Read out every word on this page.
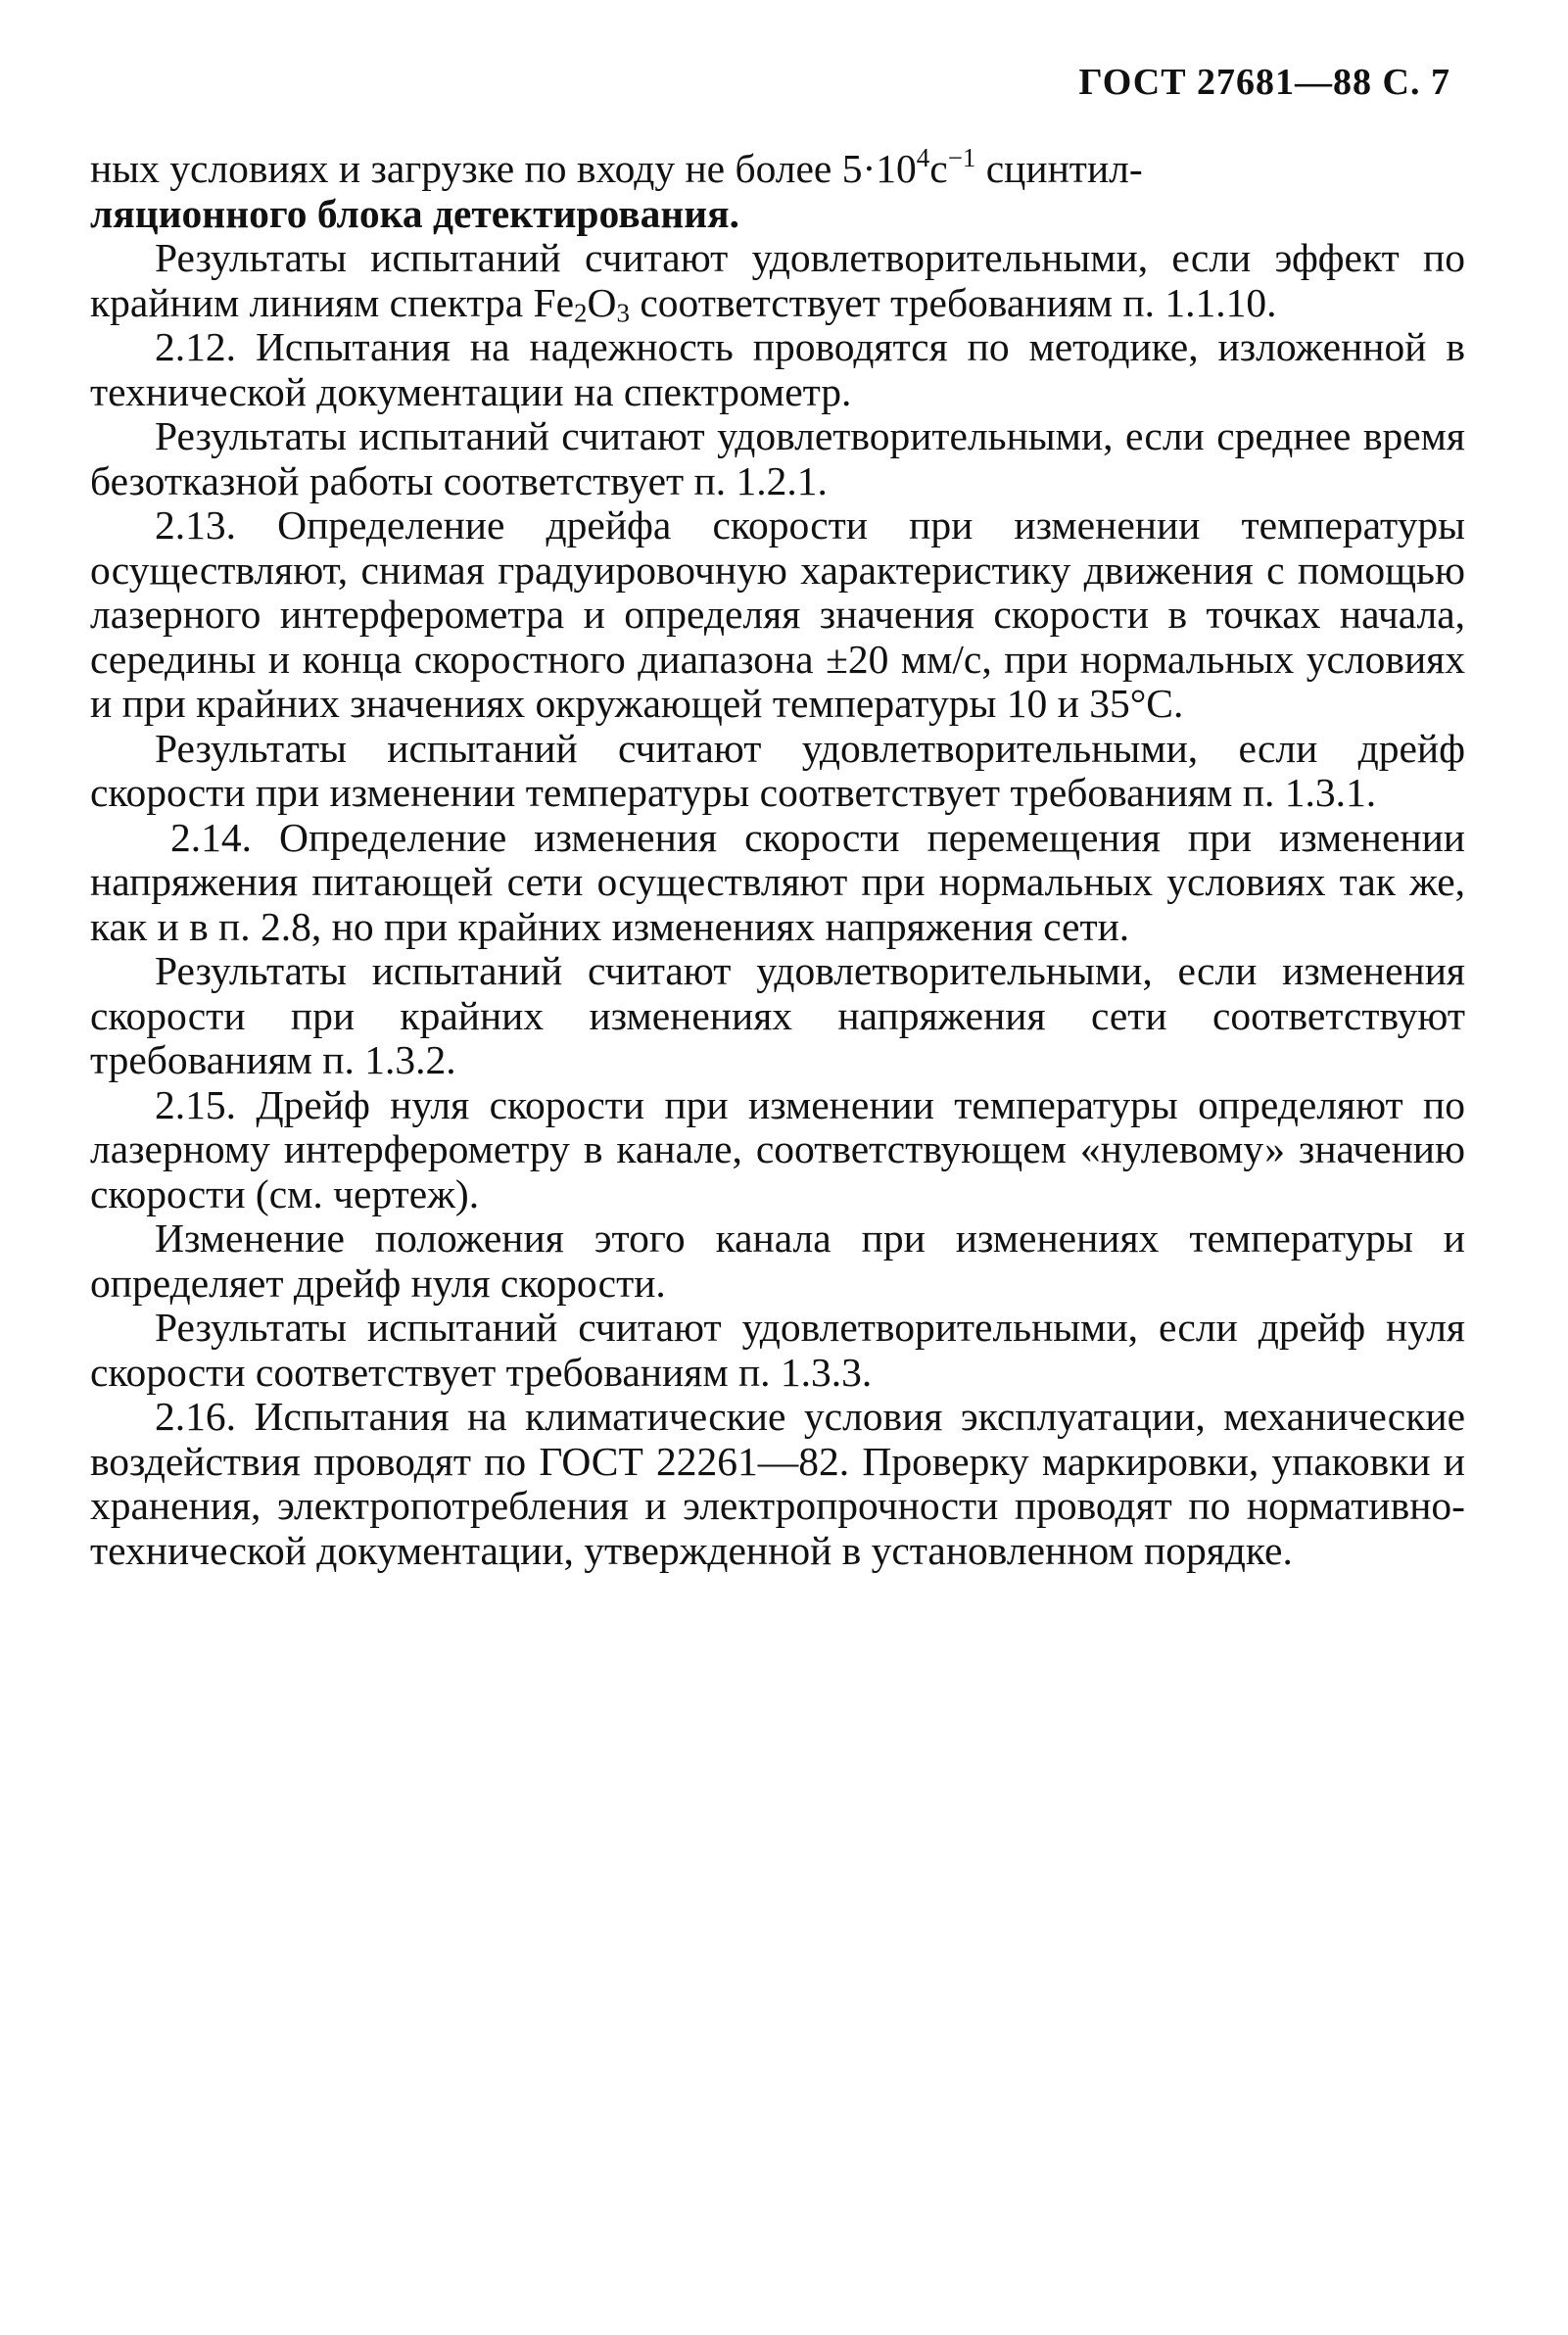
ГОСТ 27681—88 С. 7

ных условиях и загрузке по входу не более $5\cdot 10^4с^{-1}$ сцинтил-
ляционного блока детектирования.

Результаты испытаний считают удовлетворительными, если эффект по крайним линиям спектра $Fe_2O_3$ соответствует требованиям п. 1.1.10.

2.12. Испытания на надежность проводятся по методике, изложенной в технической документации на спектрометр.

Результаты испытаний считают удовлетворительными, если среднее время безотказной работы соответствует п. 1.2.1.

2.13. Определение дрейфа скорости при изменении температуры осуществляют, снимая градуировочную характеристику движения с помощью лазерного интерферометра и определяя значения скорости в точках начала, середины и конца скоростного диапазона ±20 мм/с, при нормальных условиях и при крайних значениях окружающей температуры 10 и 35°С.

Результаты испытаний считают удовлетворительными, если дрейф скорости при изменении температуры соответствует требованиям п. 1.3.1.

2.14. Определение изменения скорости перемещения при изменении напряжения питающей сети осуществляют при нормальных условиях так же, как и в п. 2.8, но при крайних изменениях напряжения сети.

Результаты испытаний считают удовлетворительными, если изменения скорости при крайних изменениях напряжения сети соответствуют требованиям п. 1.3.2.

2.15. Дрейф нуля скорости при изменении температуры определяют по лазерному интерферометру в канале, соответствующем «нулевому» значению скорости (см. чертеж).

Изменение положения этого канала при изменениях температуры и определяет дрейф нуля скорости.

Результаты испытаний считают удовлетворительными, если дрейф нуля скорости соответствует требованиям п. 1.3.3.

2.16. Испытания на климатические условия эксплуатации, механические воздействия проводят по ГОСТ 22261—82. Проверку маркировки, упаковки и хранения, электропотребления и электропрочности проводят по нормативно-технической документации, утвержденной в установленном порядке.
